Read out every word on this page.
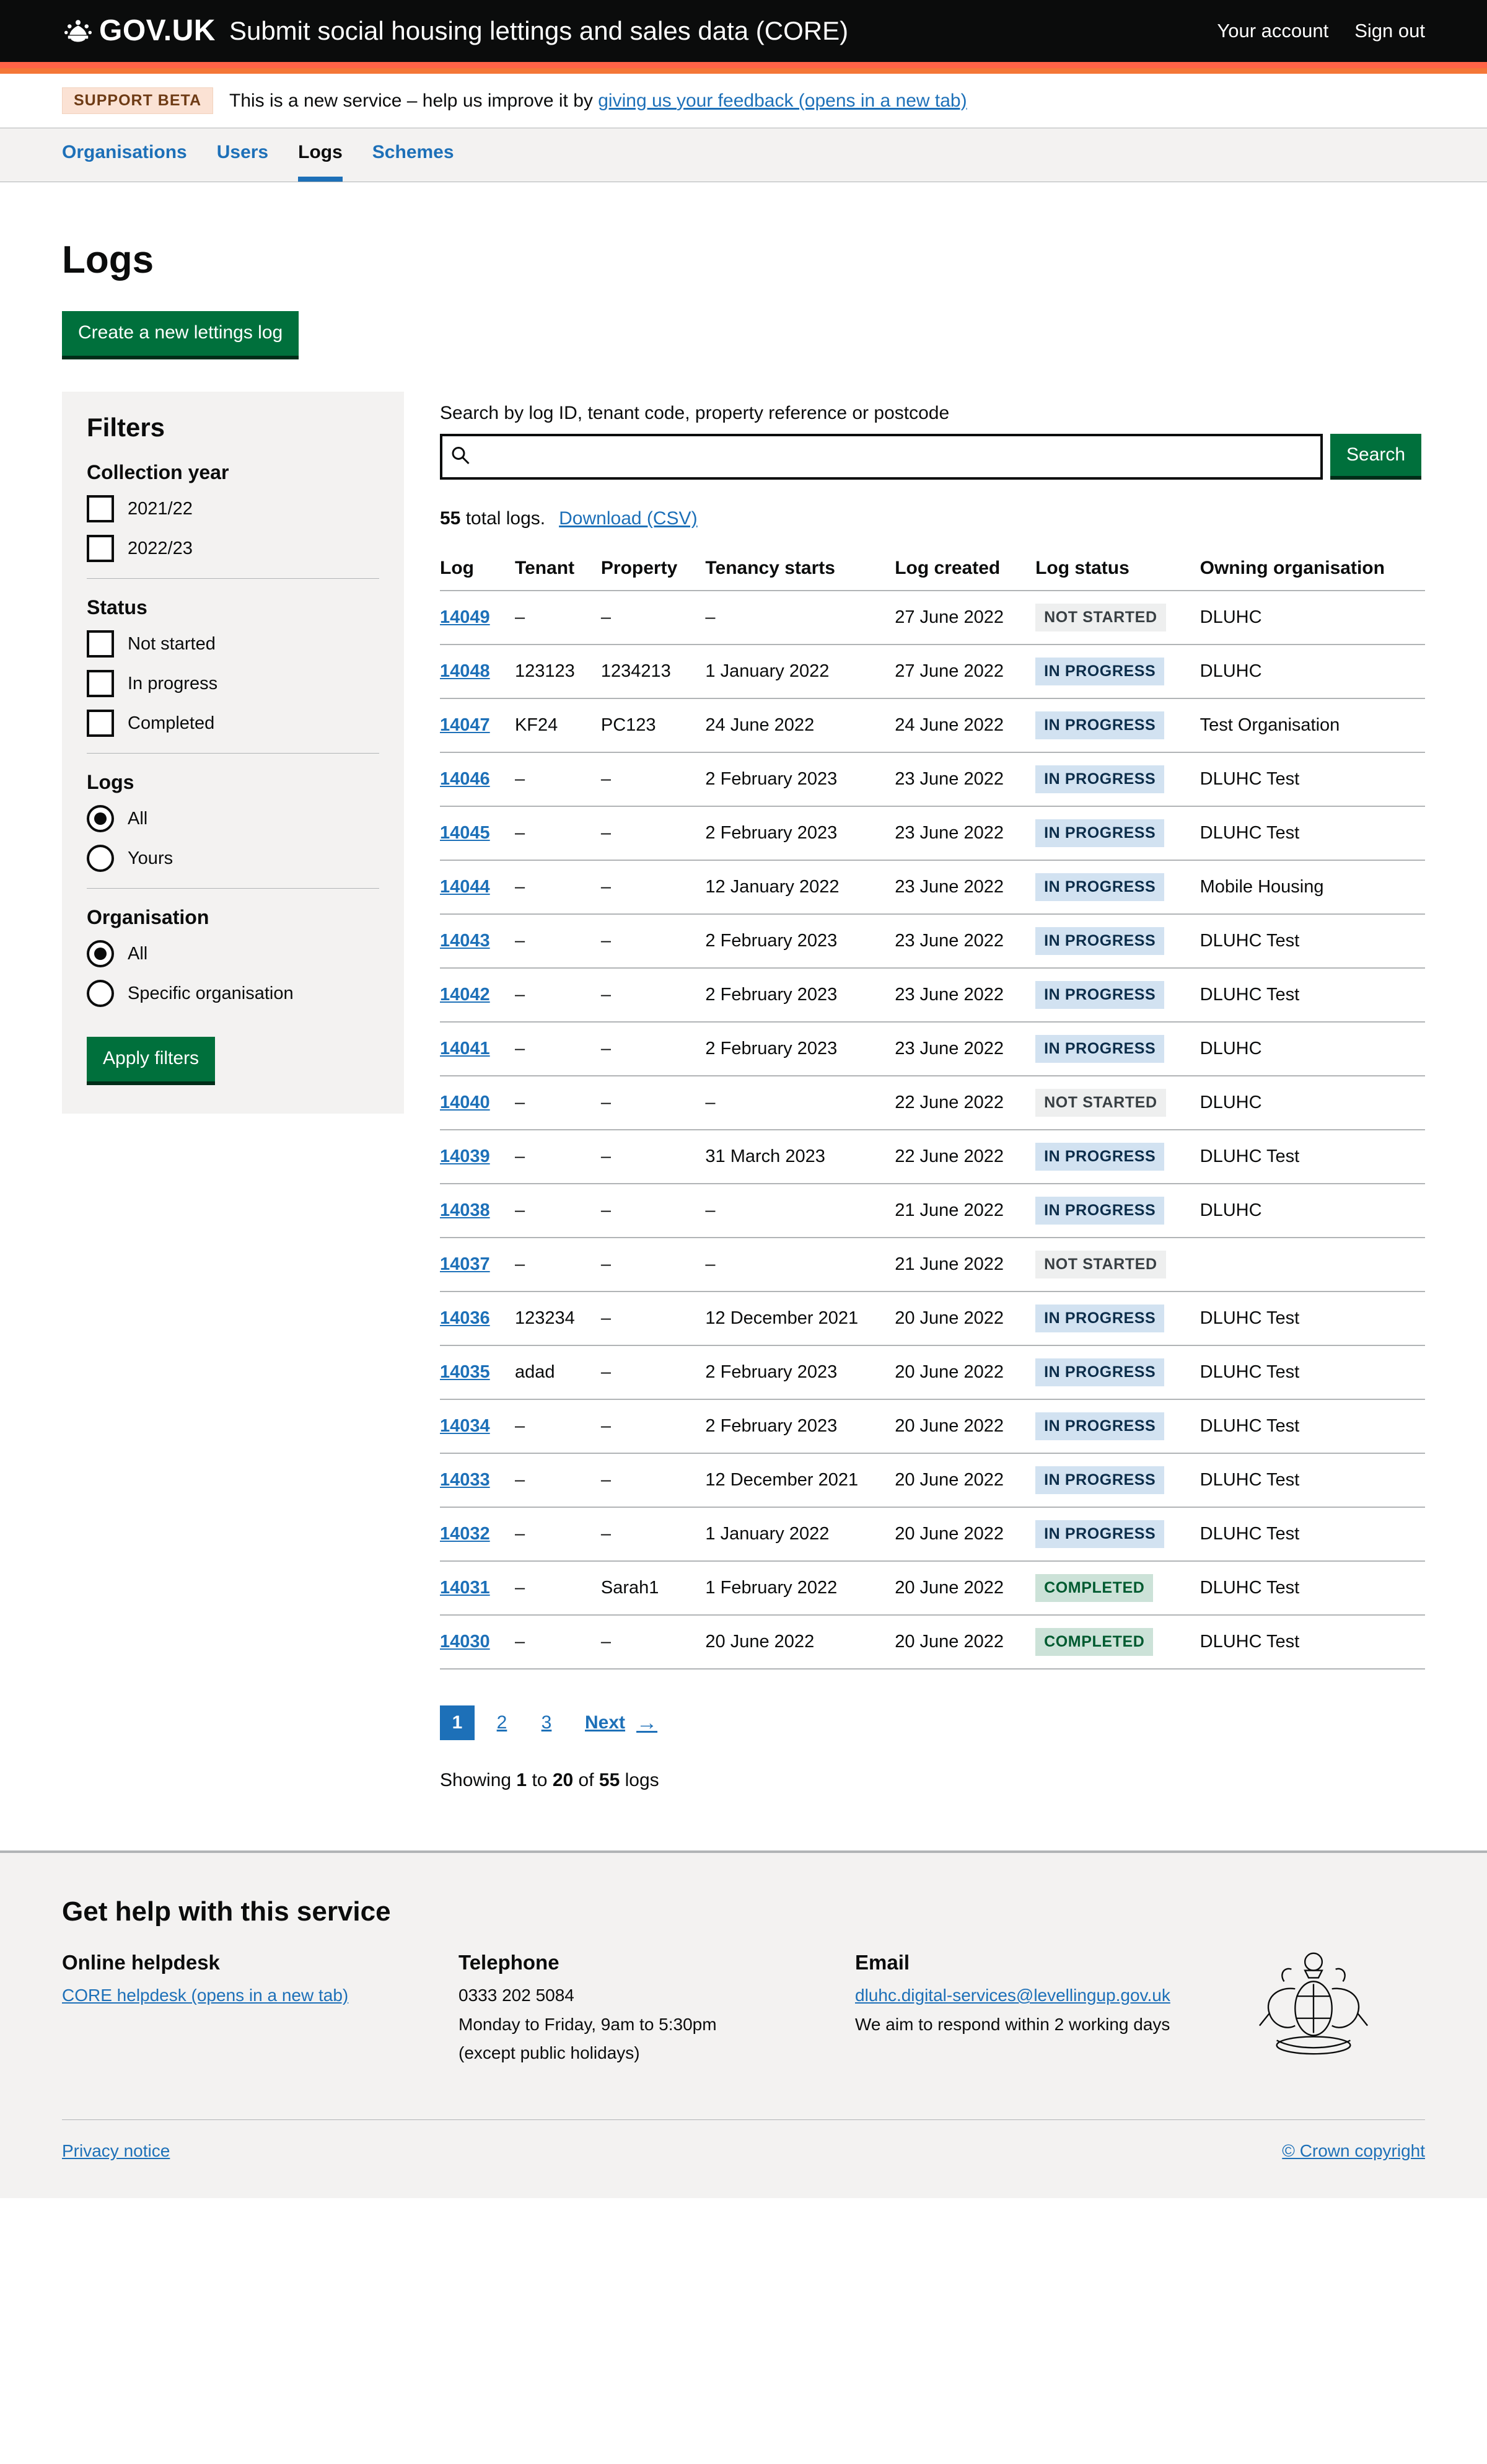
GOV.UK Submit social housing lettings and sales data (CORE)	Your account Sign out
SUPPORT BETA	This is a new service – help us improve it by giving us your feedback (opens in a new tab)
Organisations Users Logs Schemes
Logs
Create a new lettings log
Filters
Collection year
2021/22
2022/23
Status
Not started
In progress
Completed
Logs
All
Yours
Organisation
All
Specific organisation
Apply filters
Search by log ID, tenant code, property reference or postcode
Search
55 total logs. Download (CSV)
Log	Tenant	Property	Tenancy starts	Log created	Log status	Owning organisation
14049	–	–	–	27 June 2022	NOT STARTED	DLUHC
14048	123123	1234213	1 January 2022	27 June 2022	IN PROGRESS	DLUHC
14047	KF24	PC123	24 June 2022	24 June 2022	IN PROGRESS	Test Organisation
14046	–	–	2 February 2023	23 June 2022	IN PROGRESS	DLUHC Test
14045	–	–	2 February 2023	23 June 2022	IN PROGRESS	DLUHC Test
14044	–	–	12 January 2022	23 June 2022	IN PROGRESS	Mobile Housing
14043	–	–	2 February 2023	23 June 2022	IN PROGRESS	DLUHC Test
14042	–	–	2 February 2023	23 June 2022	IN PROGRESS	DLUHC Test
14041	–	–	2 February 2023	23 June 2022	IN PROGRESS	DLUHC
14040	–	–	–	22 June 2022	NOT STARTED	DLUHC
14039	–	–	31 March 2023	22 June 2022	IN PROGRESS	DLUHC Test
14038	–	–	–	21 June 2022	IN PROGRESS	DLUHC
14037	–	–	–	21 June 2022	NOT STARTED	
14036	123234	–	12 December 2021	20 June 2022	IN PROGRESS	DLUHC Test
14035	adad	–	2 February 2023	20 June 2022	IN PROGRESS	DLUHC Test
14034	–	–	2 February 2023	20 June 2022	IN PROGRESS	DLUHC Test
14033	–	–	12 December 2021	20 June 2022	IN PROGRESS	DLUHC Test
14032	–	–	1 January 2022	20 June 2022	IN PROGRESS	DLUHC Test
14031	–	Sarah1	1 February 2022	20 June 2022	COMPLETED	DLUHC Test
14030	–	–	20 June 2022	20 June 2022	COMPLETED	DLUHC Test
1	2	3	Next →

Showing 1 to 20 of 55 logs

Get help with this service
Online helpdesk
CORE helpdesk (opens in a new tab)
Telephone

0333 202 5084

Monday to Friday, 9am to 5:30pm

(except public holidays)

Email
dluhc.digital-services@levellingup.gov.uk

We aim to respond within 2 working days

Privacy notice	© Crown copyright
